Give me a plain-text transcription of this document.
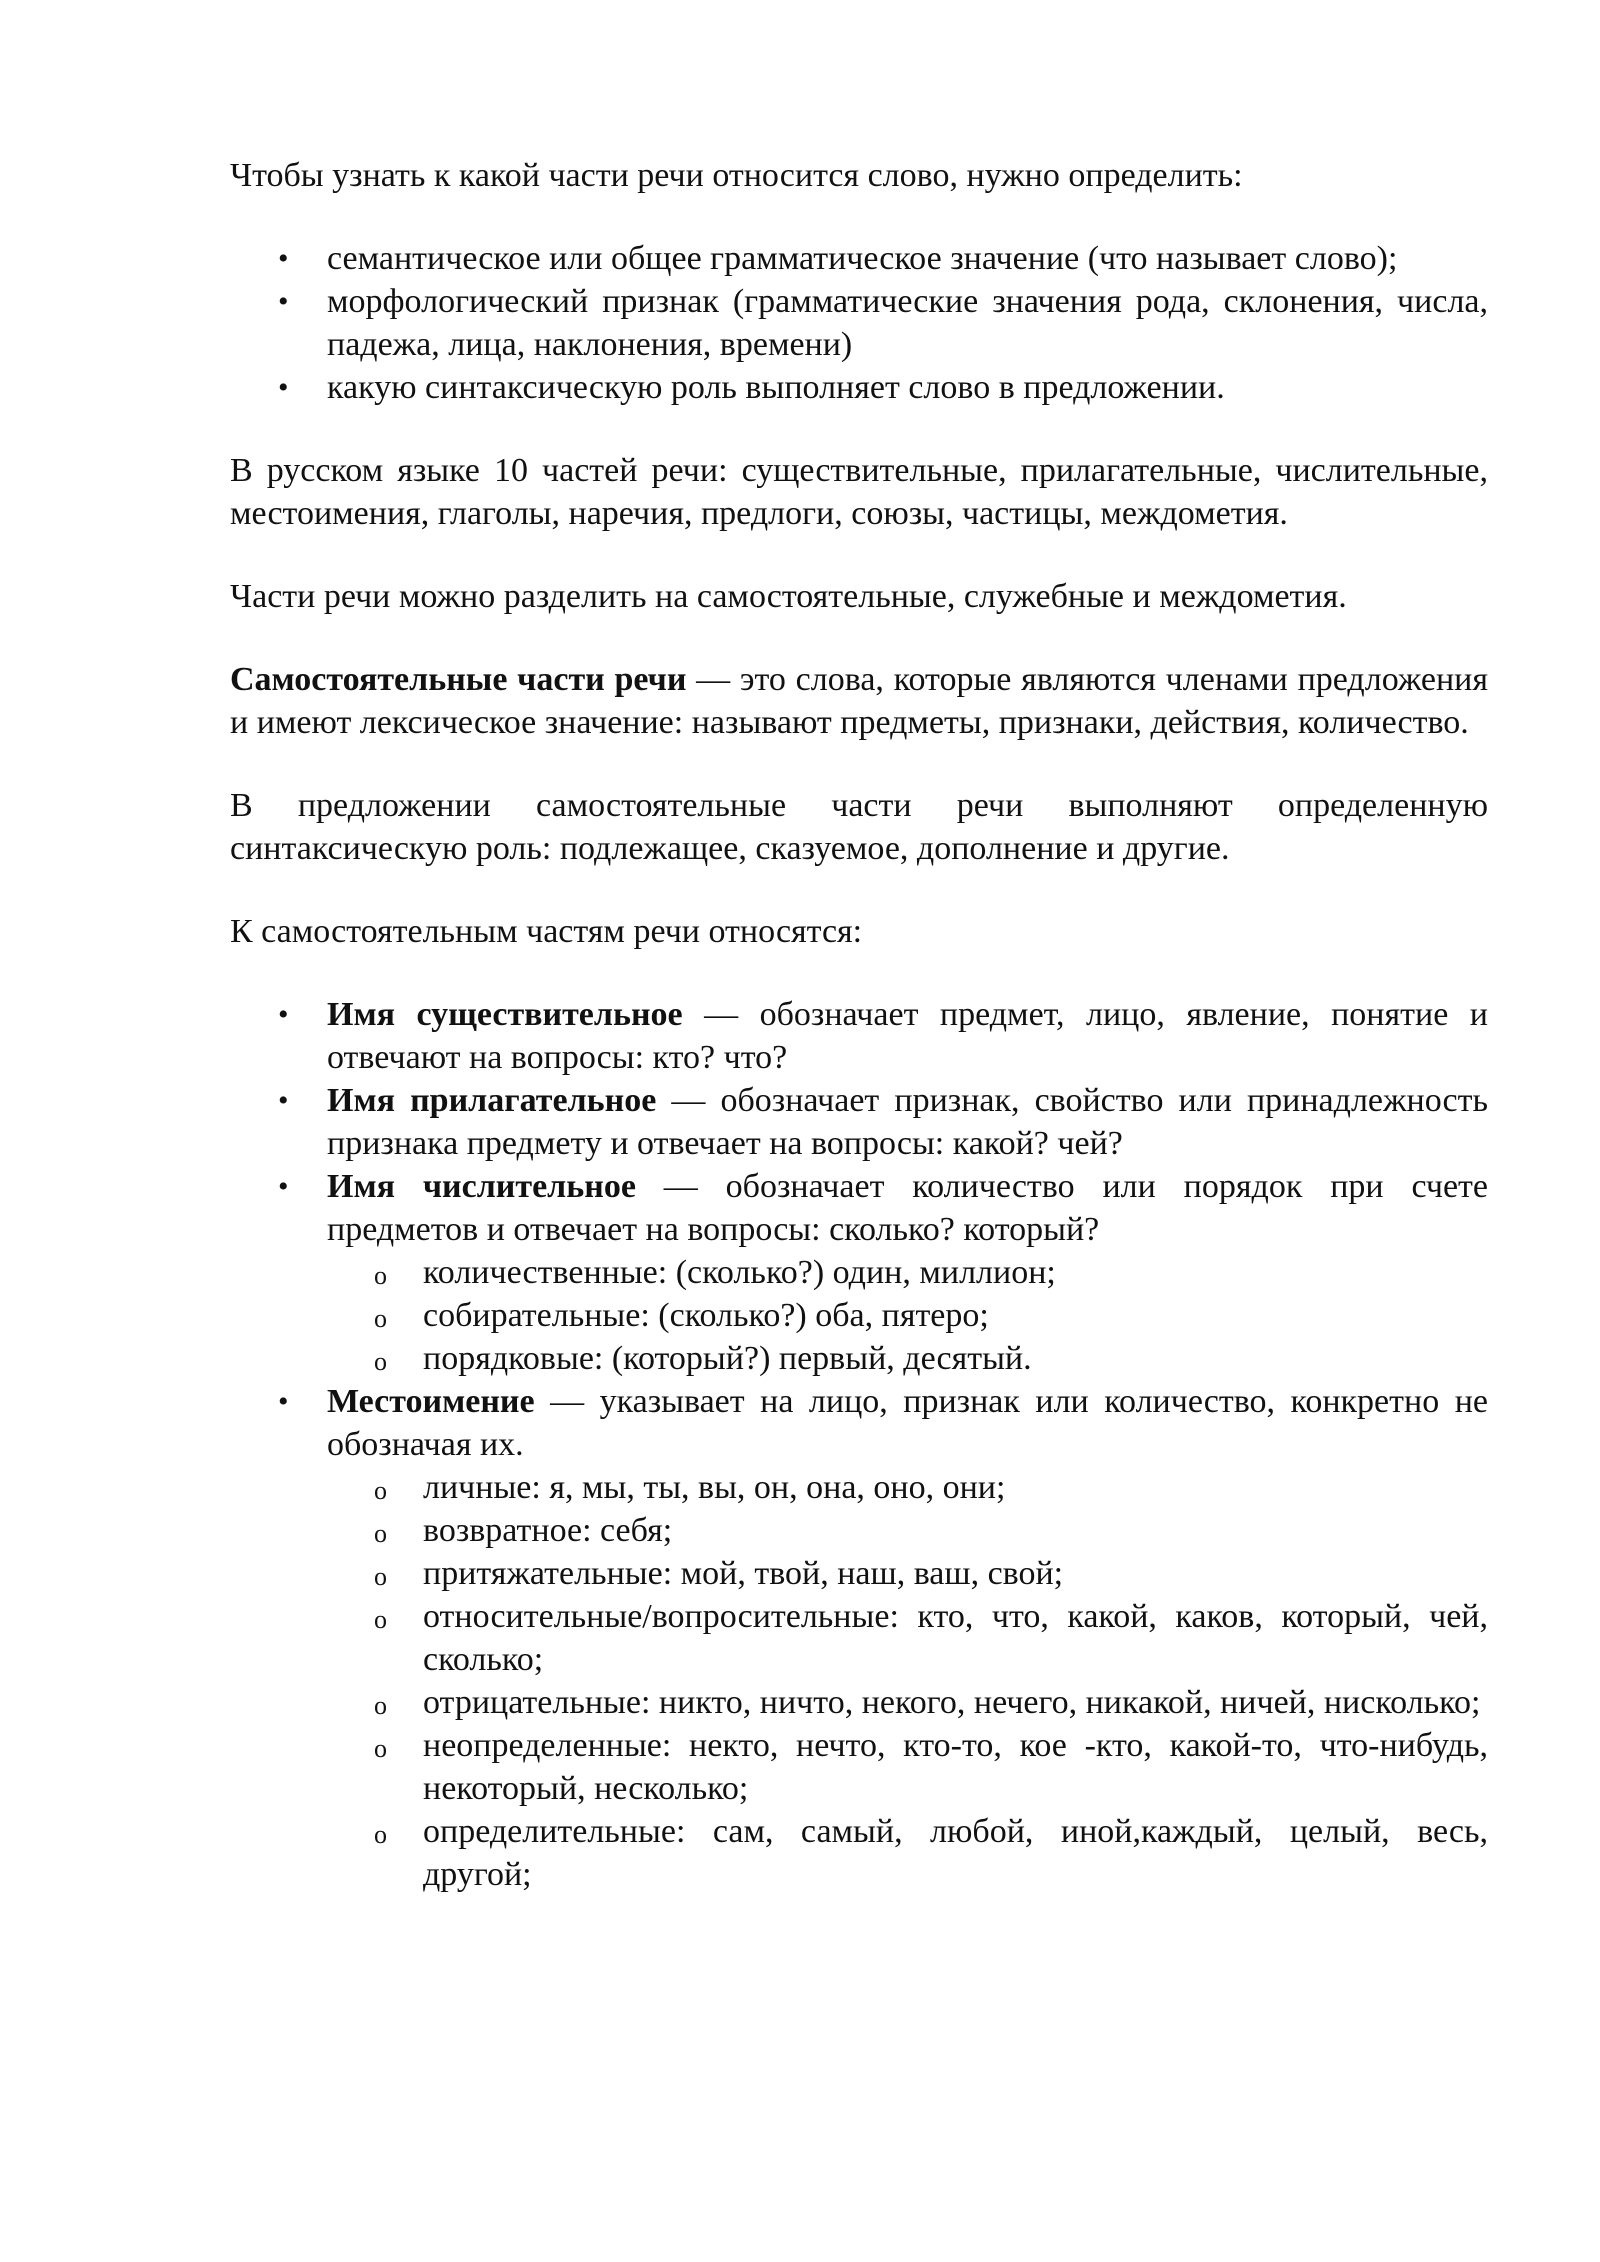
Чтобы узнать к какой части речи относится слово, нужно определить:

• семантическое или общее грамматическое значение (что называет слово);
• морфологический признак (грамматические значения рода, склонения, числа, падежа, лица, наклонения, времени)
• какую синтаксическую роль выполняет слово в предложении.

В русском языке 10 частей речи: существительные, прилагательные, числительные, местоимения, глаголы, наречия, предлоги, союзы, частицы, междометия.

Части речи можно разделить на самостоятельные, служебные и междометия.

Самостоятельные части речи — это слова, которые являются членами предложения и имеют лексическое значение: называют предметы, признаки, действия, количество.

В предложении самостоятельные части речи выполняют определенную синтаксическую роль: подлежащее, сказуемое, дополнение и другие.

К самостоятельным частям речи относятся:

• Имя существительное — обозначает предмет, лицо, явление, понятие и отвечают на вопросы: кто? что?
• Имя прилагательное — обозначает признак, свойство или принадлежность признака предмету и отвечает на вопросы: какой? чей?
• Имя числительное — обозначает количество или порядок при счете предметов и отвечает на вопросы: сколько? который?
o количественные: (сколько?) один, миллион;
o собирательные: (сколько?) оба, пятеро;
o порядковые: (который?) первый, десятый.
• Местоимение — указывает на лицо, признак или количество, конкретно не обозначая их.
o личные: я, мы, ты, вы, он, она, оно, они;
o возвратное: себя;
o притяжательные: мой, твой, наш, ваш, свой;
o относительные/вопросительные: кто, что, какой, каков, который, чей, сколько;
o отрицательные: никто, ничто, некого, нечего, никакой, ничей, нисколько;
o неопределенные: некто, нечто, кто-то, кое -кто, какой-то, что-нибудь, некоторый, несколько;
o определительные: сам, самый, любой, иной,каждый, целый, весь, другой;
